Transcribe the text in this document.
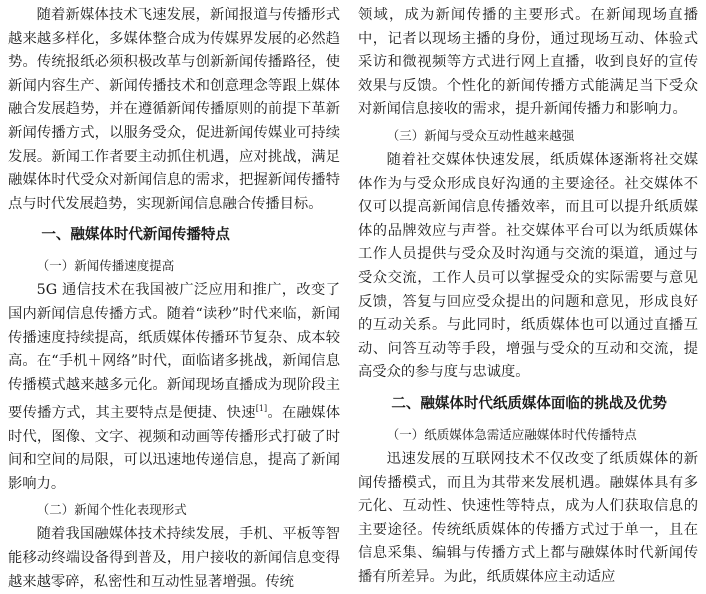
随着新媒体技术飞速发展，新闻报道与传播形式越来越多样化，多媒体整合成为传媒界发展的必然趋势。传统报纸必须积极改革与创新新闻传播路径，使新闻内容生产、新闻传播技术和创意理念等跟上媒体融合发展趋势，并在遵循新闻传播原则的前提下革新新闻传播方式，以服务受众，促进新闻传媒业可持续发展。新闻工作者要主动抓住机遇，应对挑战，满足融媒体时代受众对新闻信息的需求，把握新闻传播特点与时代发展趋势，实现新闻信息融合传播目标。

一、融媒体时代新闻传播特点
（一）新闻传播速度提高

5G 通信技术在我国被广泛应用和推广，改变了国内新闻信息传播方式。随着“读秒”时代来临，新闻传播速度持续提高，纸质媒体传播环节复杂、成本较高。在“手机＋网络”时代，面临诸多挑战，新闻信息传播模式越来越多元化。新闻现场直播成为现阶段主要传播方式，其主要特点是便捷、快速[1]。在融媒体时代，图像、文字、视频和动画等传播形式打破了时间和空间的局限，可以迅速地传递信息，提高了新闻影响力。

（二）新闻个性化表现形式

随着我国融媒体技术持续发展，手机、平板等智能移动终端设备得到普及，用户接收的新闻信息变得越来越零碎，私密性和互动性显著增强。传统

领域，成为新闻传播的主要形式。在新闻现场直播中，记者以现场主播的身份，通过现场互动、体验式采访和微视频等方式进行网上直播，收到良好的宣传效果与反馈。个性化的新闻传播方式能满足当下受众对新闻信息接收的需求，提升新闻传播力和影响力。

（三）新闻与受众互动性越来越强

随着社交媒体快速发展，纸质媒体逐渐将社交媒体作为与受众形成良好沟通的主要途径。社交媒体不仅可以提高新闻信息传播效率，而且可以提升纸质媒体的品牌效应与声誉。社交媒体平台可以为纸质媒体工作人员提供与受众及时沟通与交流的渠道，通过与受众交流，工作人员可以掌握受众的实际需要与意见反馈，答复与回应受众提出的问题和意见，形成良好的互动关系。与此同时，纸质媒体也可以通过直播互动、问答互动等手段，增强与受众的互动和交流，提高受众的参与度与忠诚度。

二、融媒体时代纸质媒体面临的挑战及优势
（一）纸质媒体急需适应融媒体时代传播特点

迅速发展的互联网技术不仅改变了纸质媒体的新闻传播模式，而且为其带来发展机遇。融媒体具有多元化、互动性、快速性等特点，成为人们获取信息的主要途径。传统纸质媒体的传播方式过于单一，且在信息采集、编辑与传播方式上都与融媒体时代新闻传播有所差异。为此，纸质媒体应主动适应
